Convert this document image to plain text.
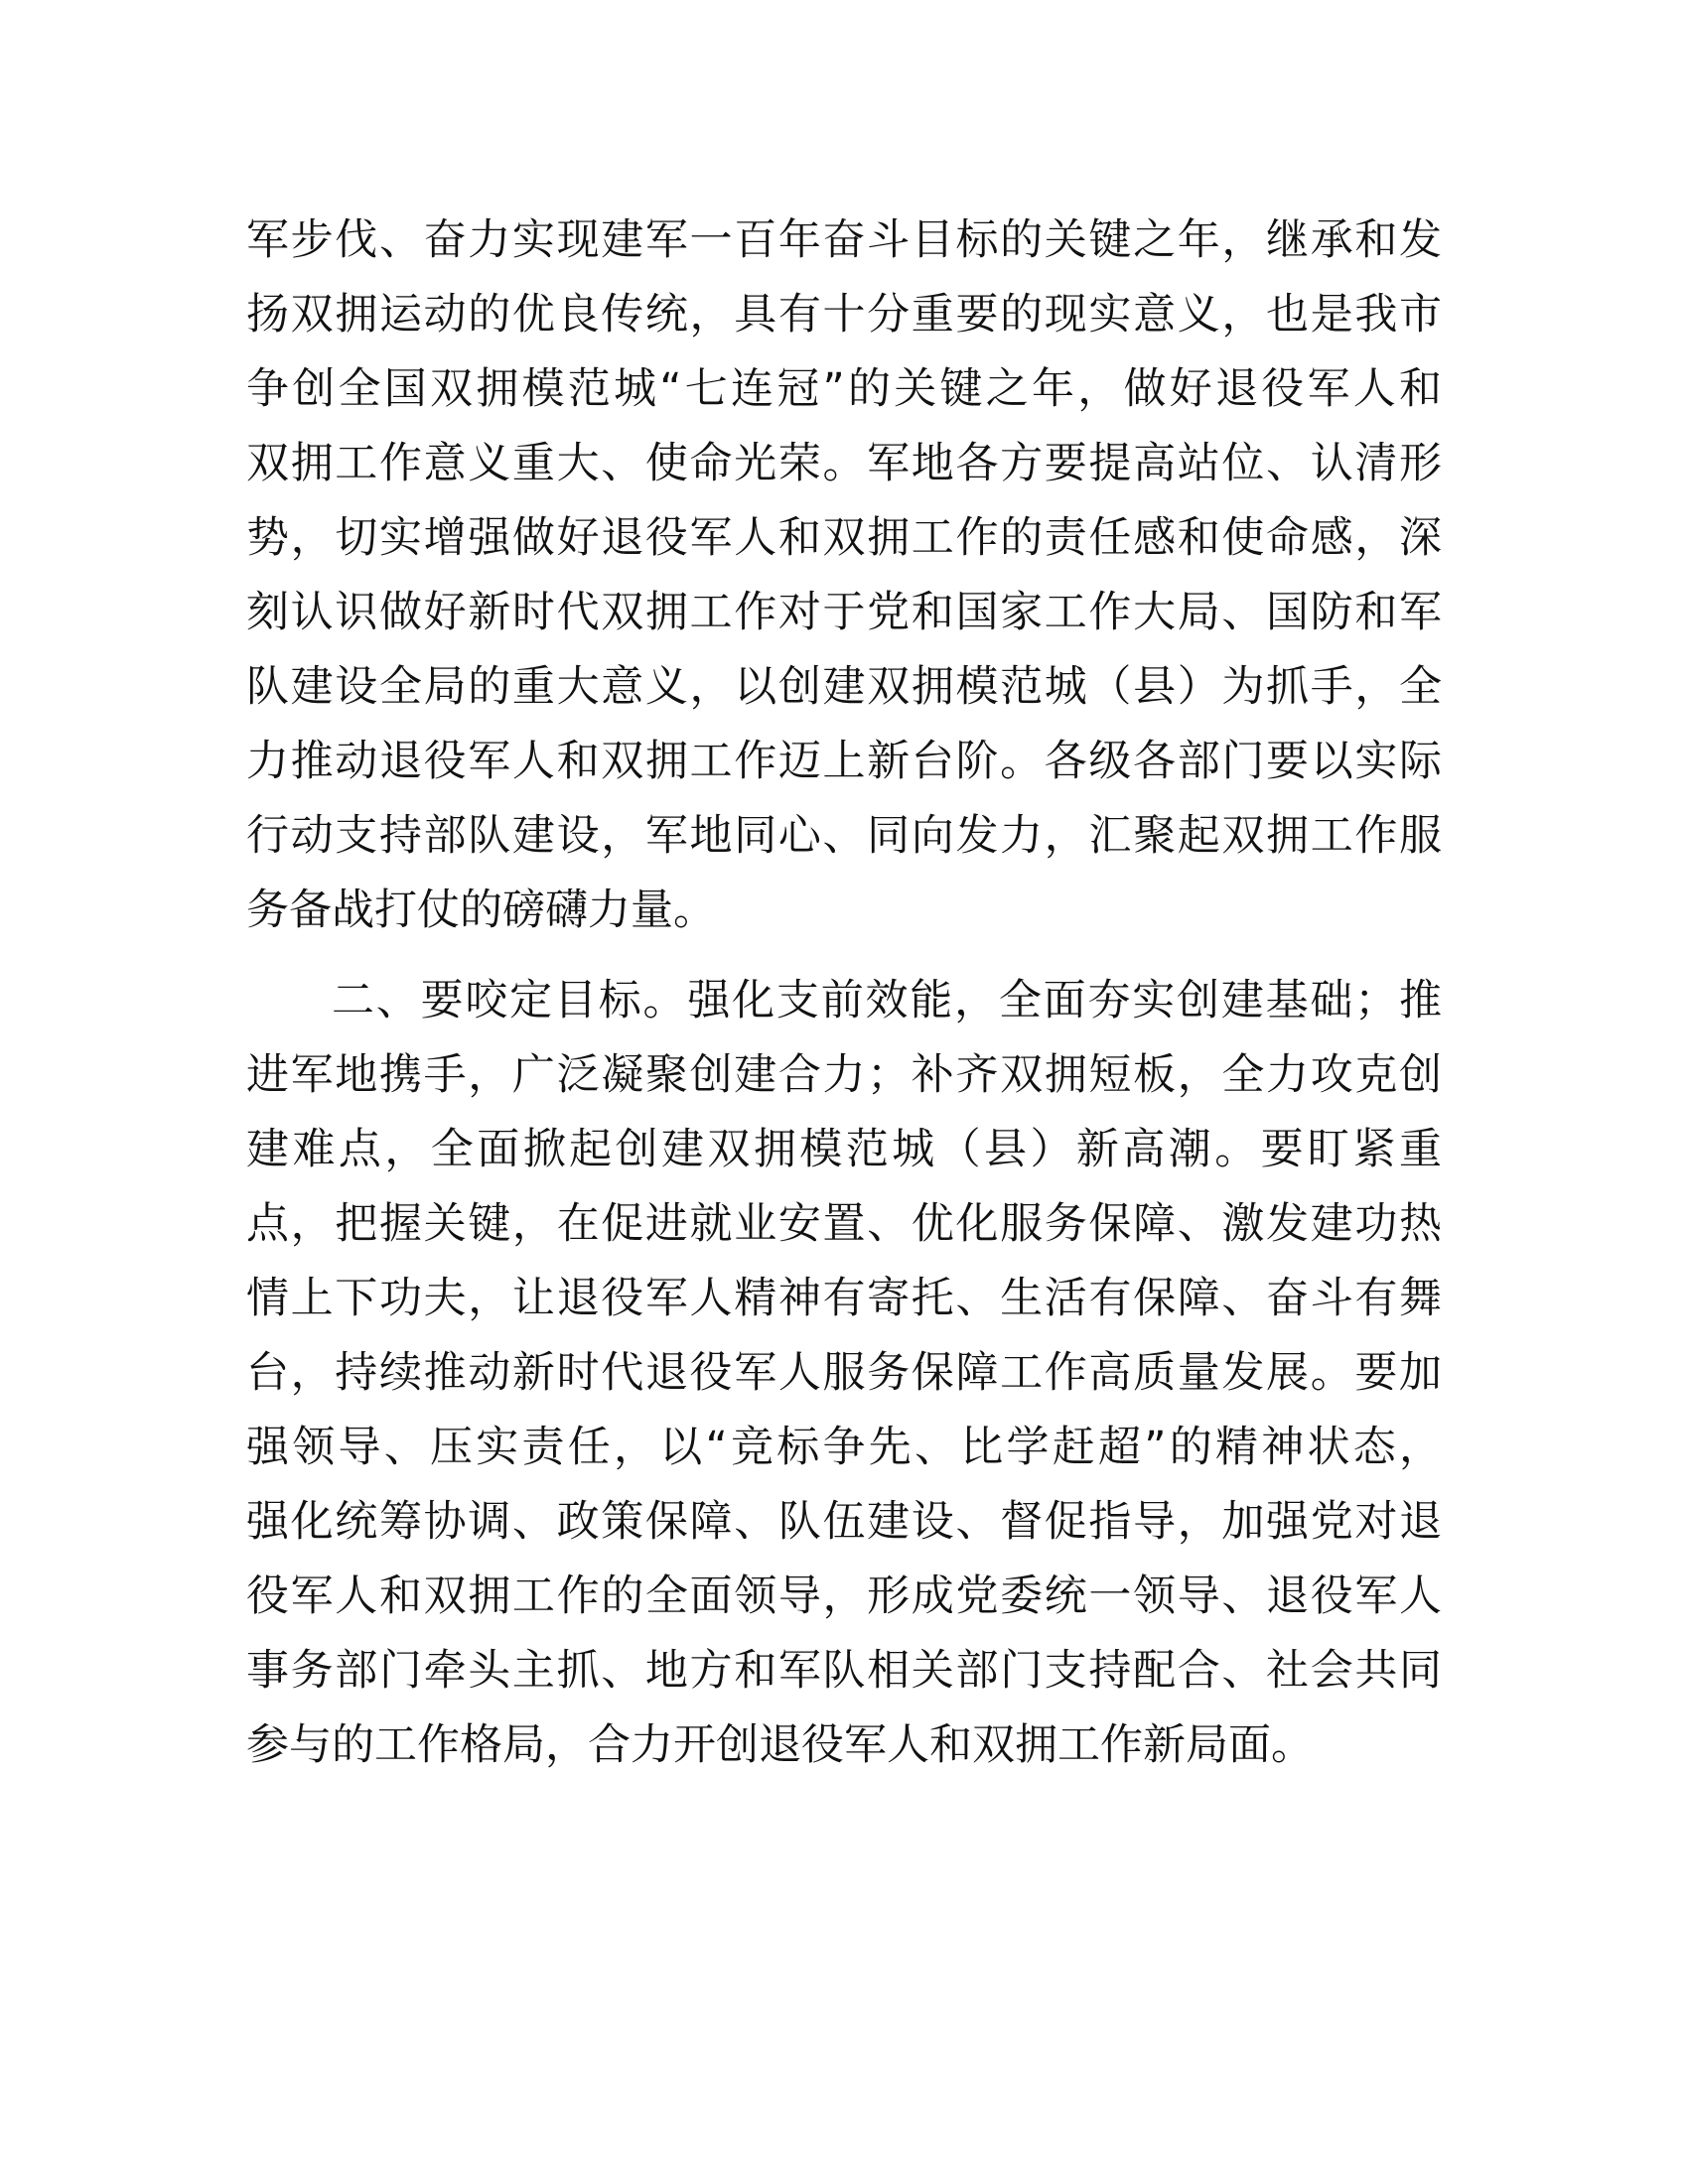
军步伐、奋力实现建军一百年奋斗目标的关键之年，继承和发
扬双拥运动的优良传统，具有十分重要的现实意义，也是我市
争创全国双拥模范城“七连冠”的关键之年，做好退役军人和
双拥工作意义重大、使命光荣。军地各方要提高站位、认清形
势，切实增强做好退役军人和双拥工作的责任感和使命感，深
刻认识做好新时代双拥工作对于党和国家工作大局、国防和军
队建设全局的重大意义，以创建双拥模范城（县）为抓手，全
力推动退役军人和双拥工作迈上新台阶。各级各部门要以实际
行动支持部队建设，军地同心、同向发力，汇聚起双拥工作服
务备战打仗的磅礴力量。
二、要咬定目标。强化支前效能，全面夯实创建基础；推
进军地携手，广泛凝聚创建合力；补齐双拥短板，全力攻克创
建难点，全面掀起创建双拥模范城（县）新高潮。要盯紧重
点，把握关键，在促进就业安置、优化服务保障、激发建功热
情上下功夫，让退役军人精神有寄托、生活有保障、奋斗有舞
台，持续推动新时代退役军人服务保障工作高质量发展。要加
强领导、压实责任，以“竞标争先、比学赶超”的精神状态，
强化统筹协调、政策保障、队伍建设、督促指导，加强党对退
役军人和双拥工作的全面领导，形成党委统一领导、退役军人
事务部门牵头主抓、地方和军队相关部门支持配合、社会共同
参与的工作格局，合力开创退役军人和双拥工作新局面。
